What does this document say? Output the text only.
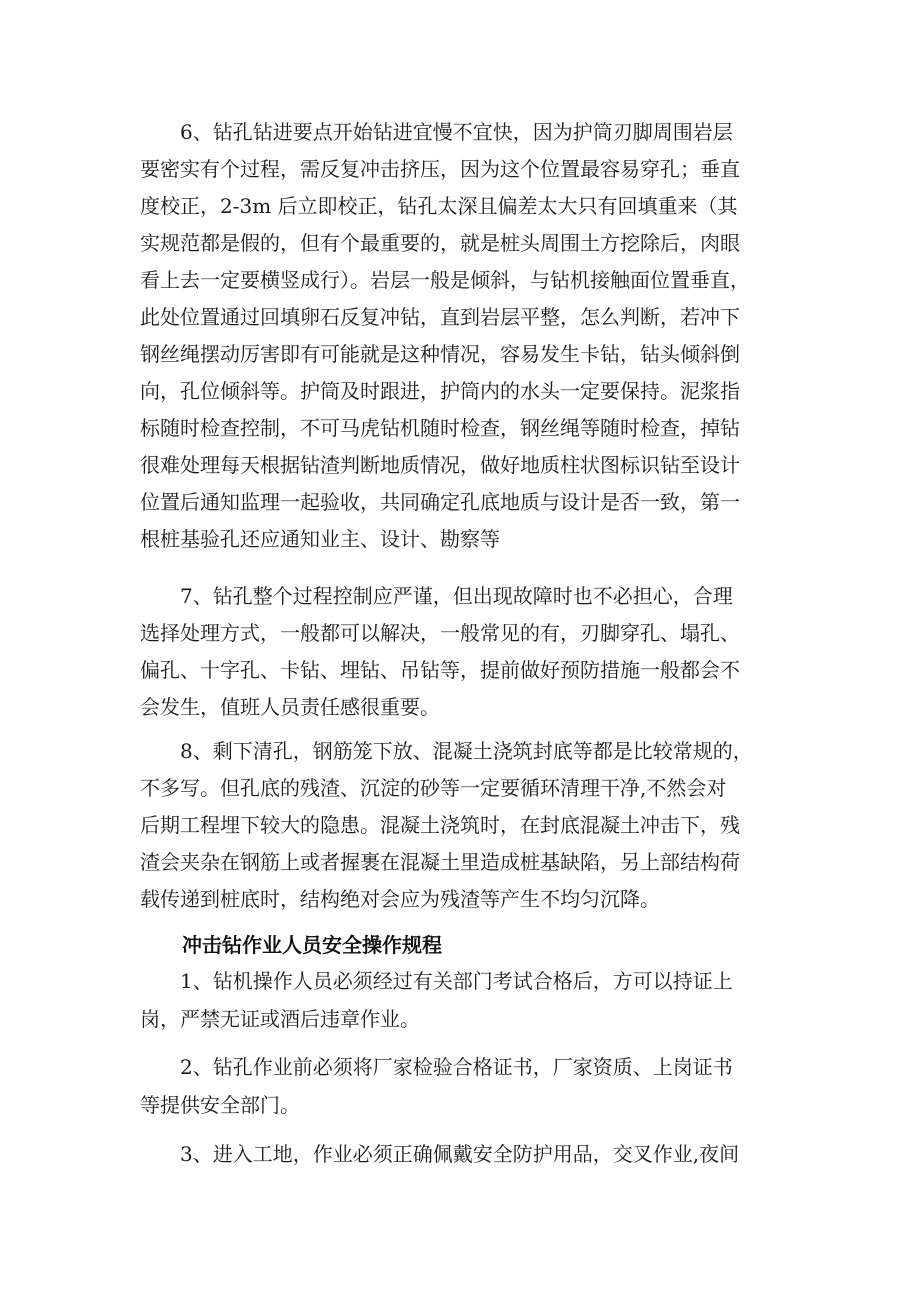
6、钻孔钻进要点开始钻进宜慢不宜快，因为护筒刃脚周围岩层
要密实有个过程，需反复冲击挤压，因为这个位置最容易穿孔；垂直
度校正，2-3m 后立即校正，钻孔太深且偏差太大只有回填重来（其
实规范都是假的，但有个最重要的，就是桩头周围土方挖除后，肉眼
看上去一定要横竖成行）。岩层一般是倾斜，与钻机接触面位置垂直，
此处位置通过回填卵石反复冲钻，直到岩层平整，怎么判断，若冲下
钢丝绳摆动厉害即有可能就是这种情况，容易发生卡钻，钻头倾斜倒
向，孔位倾斜等。护筒及时跟进，护筒内的水头一定要保持。泥浆指
标随时检查控制，不可马虎钻机随时检查，钢丝绳等随时检查，掉钻
很难处理每天根据钻渣判断地质情况，做好地质柱状图标识钻至设计
位置后通知监理一起验收，共同确定孔底地质与设计是否一致，第一
根桩基验孔还应通知业主、设计、勘察等
7、钻孔整个过程控制应严谨，但出现故障时也不必担心，合理
选择处理方式，一般都可以解决，一般常见的有，刃脚穿孔、塌孔、
偏孔、十字孔、卡钻、埋钻、吊钻等，提前做好预防措施一般都会不
会发生，值班人员责任感很重要。
8、剩下清孔，钢筋笼下放、混凝土浇筑封底等都是比较常规的，
不多写。但孔底的残渣、沉淀的砂等一定要循环清理干净,不然会对
后期工程埋下较大的隐患。混凝土浇筑时，在封底混凝土冲击下，残
渣会夹杂在钢筋上或者握裹在混凝土里造成桩基缺陷，另上部结构荷
载传递到桩底时，结构绝对会应为残渣等产生不均匀沉降。
冲击钻作业人员安全操作规程
1、钻机操作人员必须经过有关部门考试合格后，方可以持证上
岗，严禁无证或酒后违章作业。
2、钻孔作业前必须将厂家检验合格证书，厂家资质、上岗证书
等提供安全部门。
3、进入工地，作业必须正确佩戴安全防护用品，交叉作业,夜间
